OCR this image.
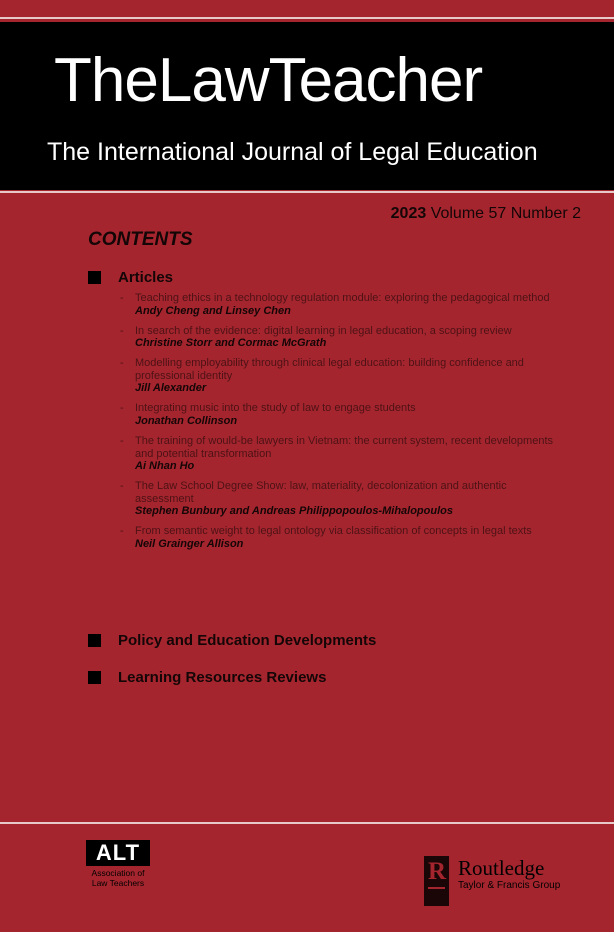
TheLawTeacher
The International Journal of Legal Education
2023 Volume 57 Number 2
CONTENTS
Articles
- Teaching ethics in a technology regulation module: exploring the pedagogical method
Andy Cheng and Linsey Chen
- In search of the evidence: digital learning in legal education, a scoping review
Christine Storr and Cormac McGrath
- Modelling employability through clinical legal education: building confidence and professional identity
Jill Alexander
- Integrating music into the study of law to engage students
Jonathan Collinson
- The training of would-be lawyers in Vietnam: the current system, recent developments and potential transformation
Ai Nhan Ho
- The Law School Degree Show: law, materiality, decolonization and authentic assessment
Stephen Bunbury and Andreas Philippopoulos-Mihalopoulos
- From semantic weight to legal ontology via classification of concepts in legal texts
Neil Grainger Allison
Policy and Education Developments
Learning Resources Reviews
ALT
Association of
Law Teachers	R Routledge
Taylor & Francis Group
